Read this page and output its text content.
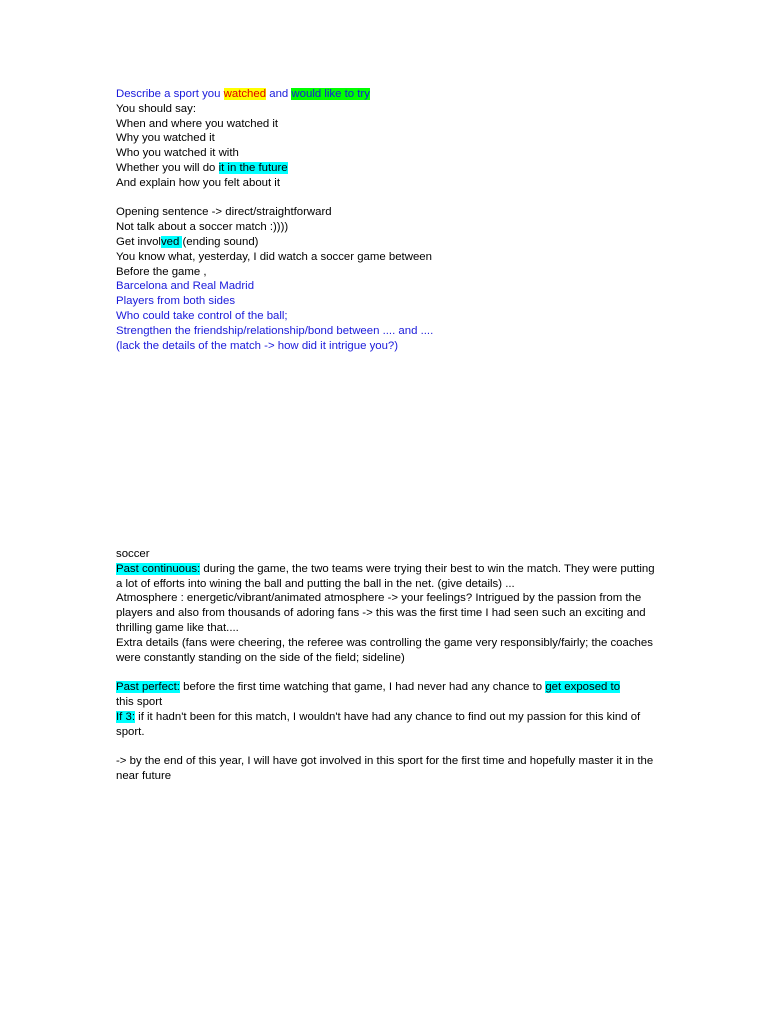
Describe a sport you watched and would like to try
You should say:
When and where you watched it
Why you watched it
Who you watched it with
Whether you will do it in the future
And explain how you felt about it
Opening sentence -> direct/straightforward
Not talk about a soccer match :))))
Get involved (ending sound)
You know what, yesterday, I did watch a soccer game between
Before the game ,
Barcelona and Real Madrid
Players from both sides
Who could take control of the ball;
Strengthen the friendship/relationship/bond between .... and ....
(lack the details of the match -> how did it intrigue you?)
soccer
Past continuous: during the game, the two teams were trying their best to win the match. They were putting a lot of efforts into wining the ball and putting the ball in the net. (give details) ...
Atmosphere : energetic/vibrant/animated atmosphere -> your feelings? Intrigued by the passion from the players and also from thousands of adoring fans -> this was the first time I had seen such an exciting and thrilling game like that....
Extra details (fans were cheering, the referee was controlling the game very responsibly/fairly; the coaches were constantly standing on the side of the field; sideline)
Past perfect: before the first time watching that game, I had never had any chance to get exposed to
this sport
If 3: if it hadn't been for this match, I wouldn't have had any chance to find out my passion for this kind of sport.
-> by the end of this year, I will have got involved in this sport for the first time and hopefully master it in the near future
